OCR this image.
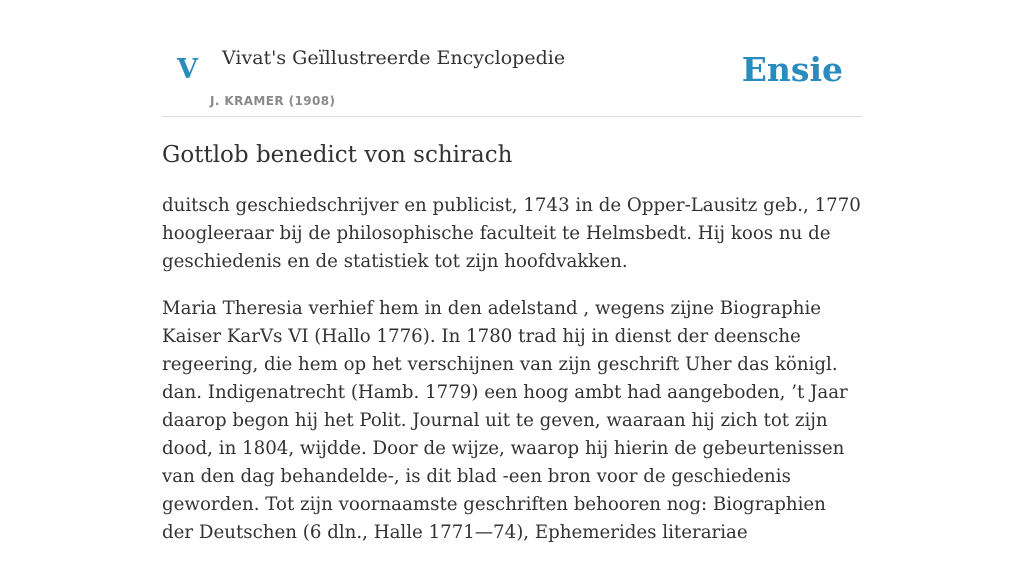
V Vivat's Geïllustreerde Encyclopedie
J. KRAMER (1908)
Ensie
Gottlob benedict von schirach

duitsch geschiedschrijver en publicist, 1743 in de Opper-Lausitz geb., 1770 hoogleeraar bij de philosophische faculteit te Helmsbedt. Hij koos nu de geschiedenis en de statistiek tot zijn hoofdvakken.

Maria Theresia verhief hem in den adelstand , wegens zijne Biographie Kaiser KarVs VI (Hallo 1776). In 1780 trad hij in dienst der deensche regeering, die hem op het verschijnen van zijn geschrift Uher das königl. dan. Indigenatrecht (Hamb. 1779) een hoog ambt had aangeboden, ’t Jaar daarop begon hij het Polit. Journal uit te geven, waaraan hij zich tot zijn dood, in 1804, wijdde. Door de wijze, waarop hij hierin de gebeurtenissen van den dag behandelde-, is dit blad -een bron voor de geschiedenis geworden. Tot zijn voornaamste geschriften behooren nog: Biographien der Deutschen (6 dln., Halle 1771—74), Ephemerides literariae
